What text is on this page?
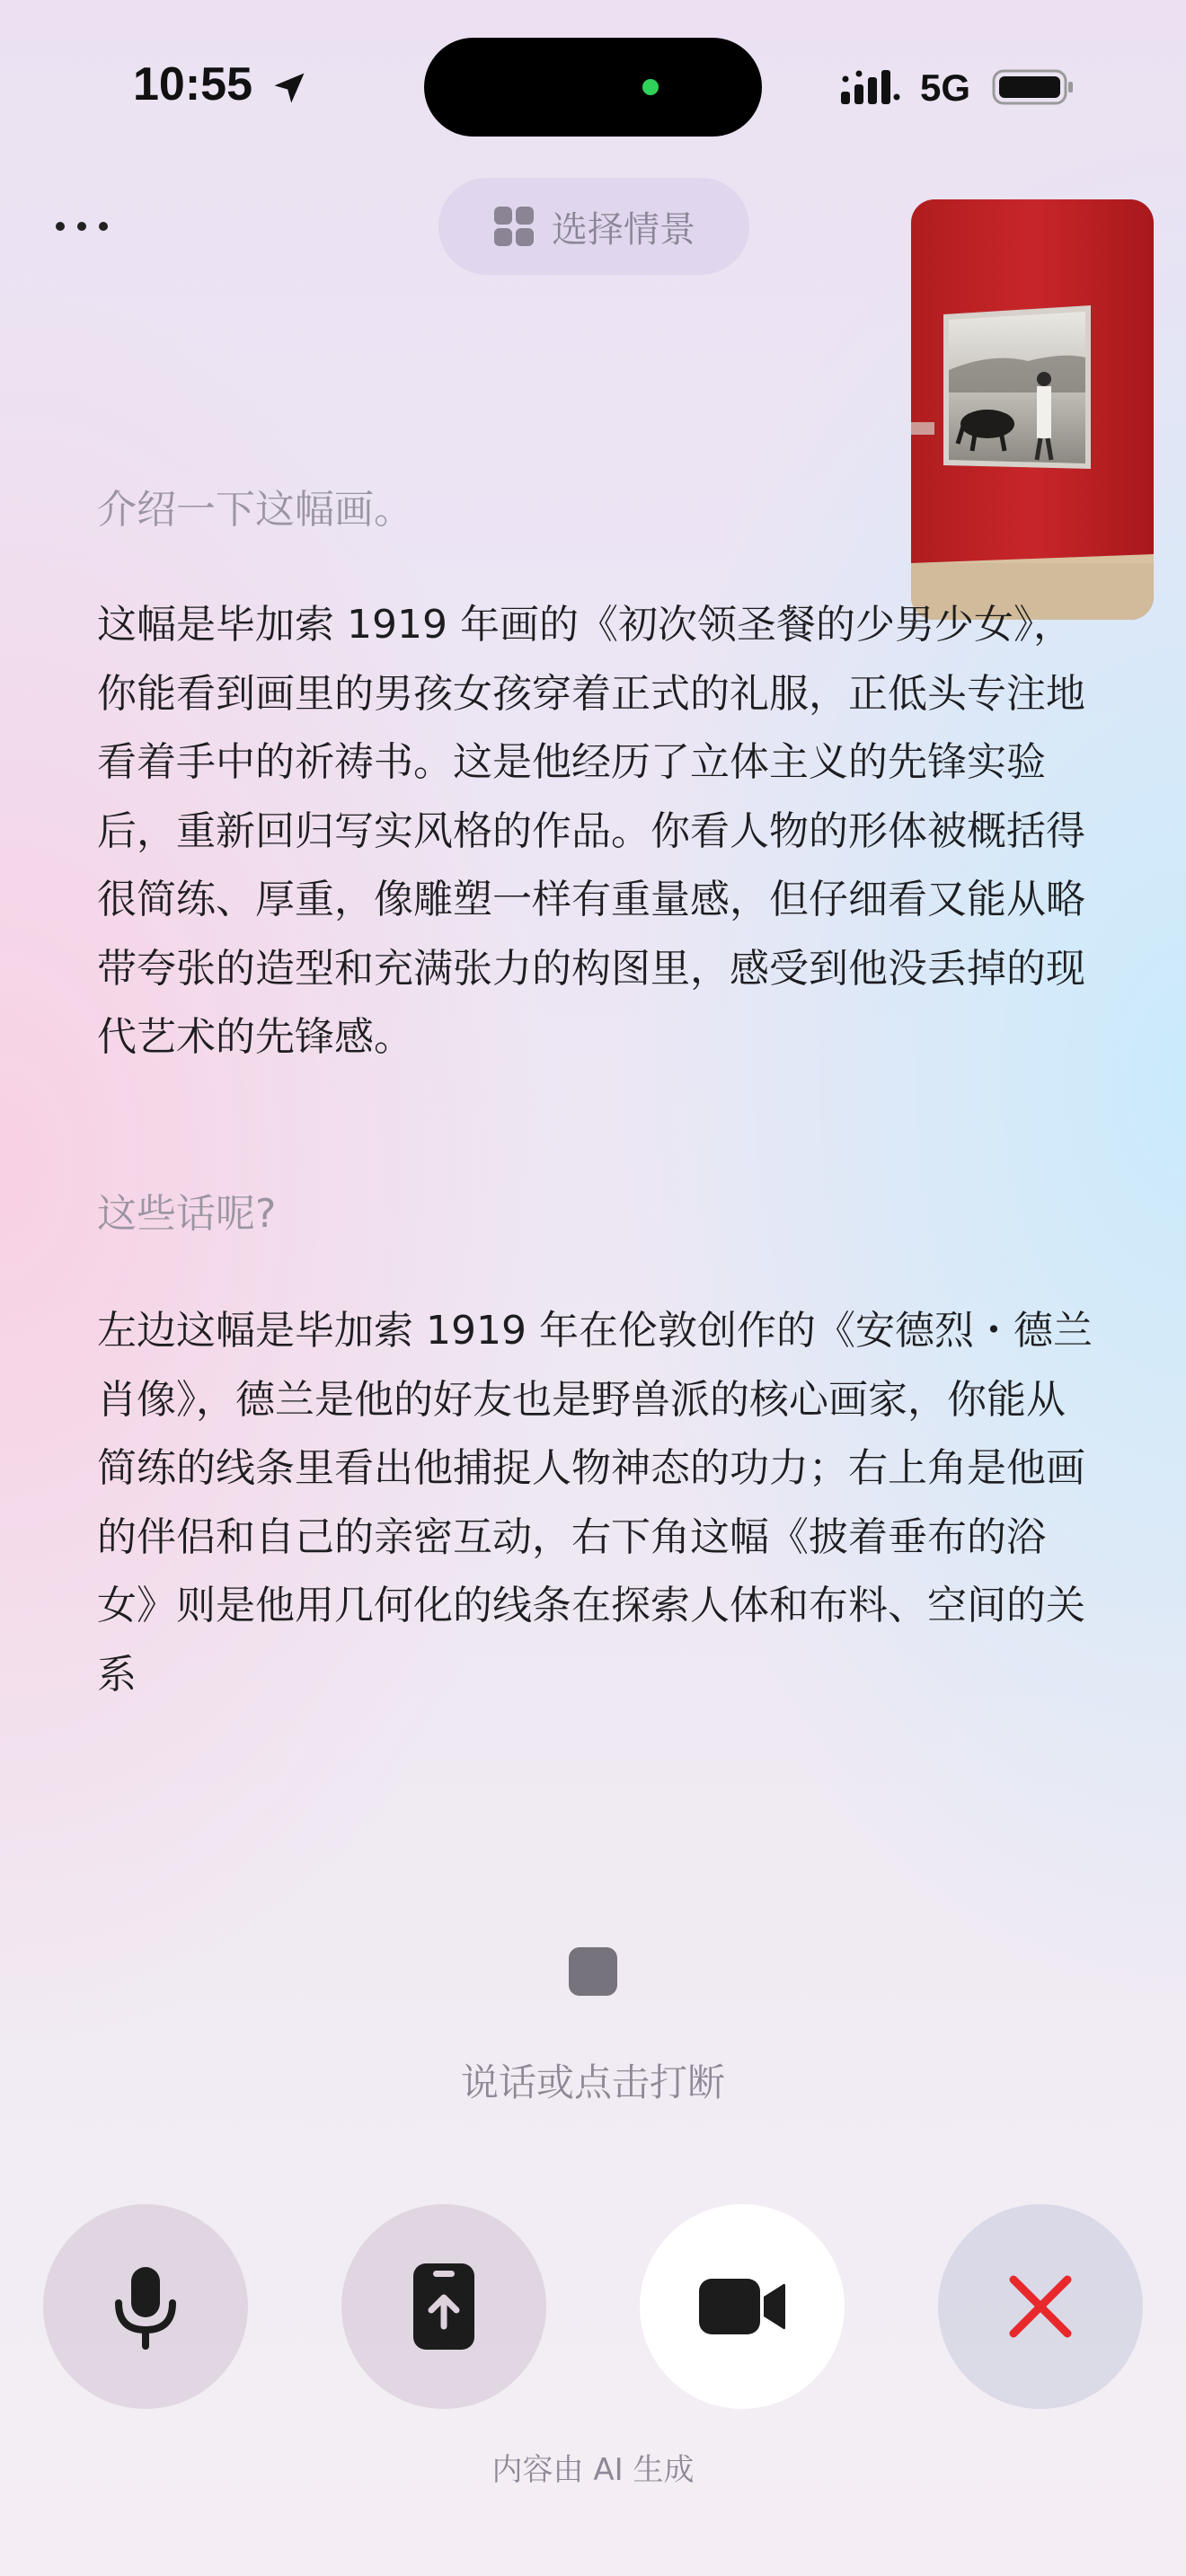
10:55	5G
选择情景

介绍一下这幅画。

这幅是毕加索 1919 年画的《初次领圣餐的少男少女》，你能看到画里的男孩女孩穿着正式的礼服，正低头专注地看着手中的祈祷书。这是他经历了立体主义的先锋实验后，重新回归写实风格的作品。你看人物的形体被概括得很简练、厚重，像雕塑一样有重量感，但仔细看又能从略带夸张的造型和充满张力的构图里，感受到他没丢掉的现代艺术的先锋感。

这些话呢?

左边这幅是毕加索 1919 年在伦敦创作的《安德烈・德兰肖像》，德兰是他的好友也是野兽派的核心画家，你能从简练的线条里看出他捕捉人物神态的功力；右上角是他画的伴侣和自己的亲密互动，右下角这幅《披着垂布的浴女》则是他用几何化的线条在探索人体和布料、空间的关系

说话或点击打断
内容由 AI 生成
